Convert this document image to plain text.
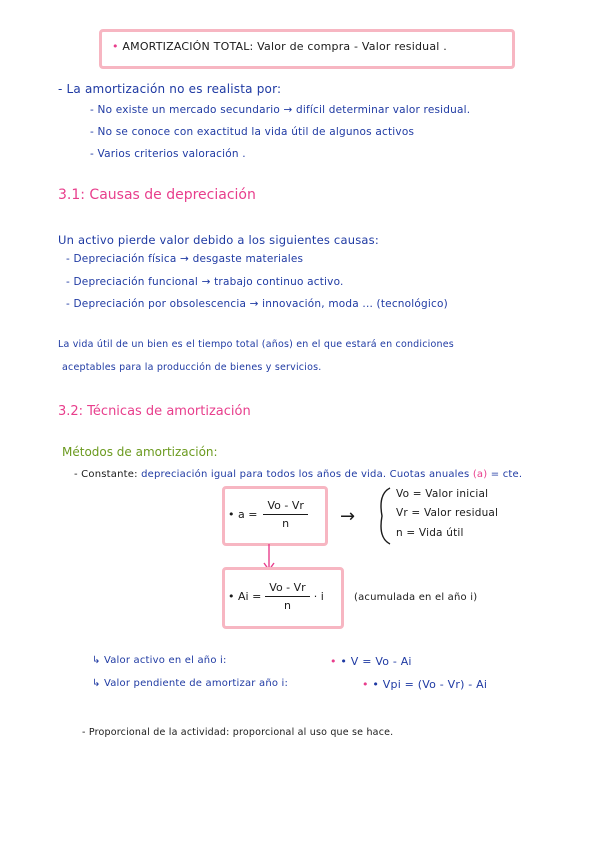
• AMORTIZACIÓN TOTAL: Valor de compra - Valor residual .
- La amortización no es realista por:
- No existe un mercado secundario → difícil determinar valor residual.
- No se conoce con exactitud la vida útil de algunos activos
- Varios criterios valoración .
3.1: Causas de depreciación
Un activo pierde valor debido a los siguientes causas:
- Depreciación física → desgaste materiales
- Depreciación funcional → trabajo continuo activo.
- Depreciación por obsolescencia → innovación, moda ... (tecnológico)
La vida útil de un bien es el tiempo total (años) en el que estará en condiciones
aceptables para la producción de bienes y servicios.
3.2: Técnicas de amortización
Métodos de amortización:
- Constante: depreciación igual para todos los años de vida. Cuotas anuales (a) = cte.
• $a = \frac{Vo - Vr}{n}$ →
Vo = Valor inicial
Vr = Valor residual
n = Vida útil
• $Ai = \frac{Vo - Vr}{n} \cdot i$	(acumulada en el año i)
↳ Valor activo en el año i:	• • V = Vo - Ai
↳ Valor pendiente de amortizar año i:	• • Vpi = (Vo - Vr) - Ai
- Proporcional de la actividad: proporcional al uso que se hace.
